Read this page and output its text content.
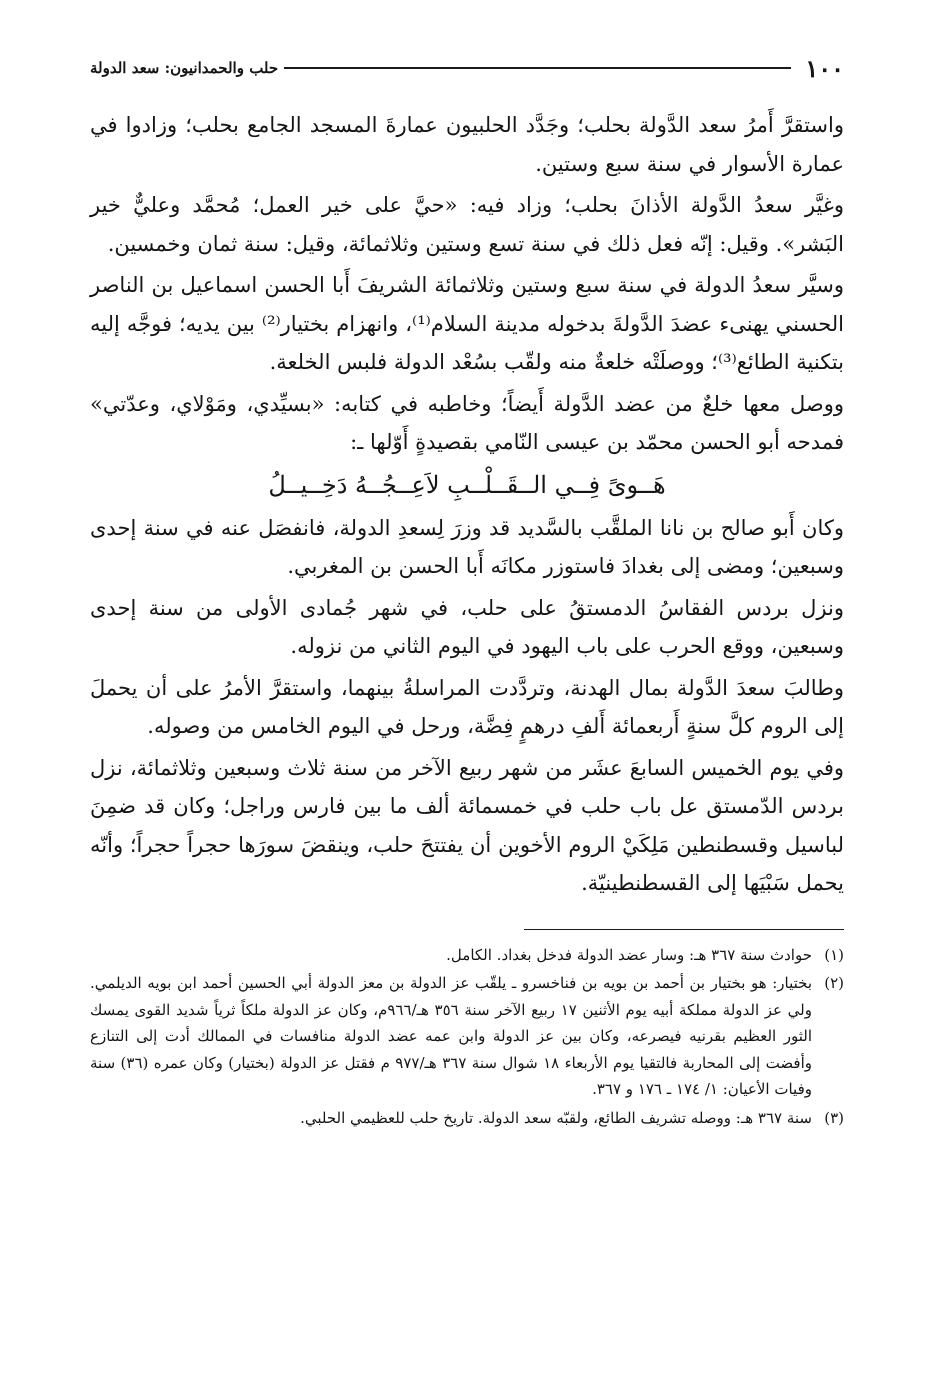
١٠٠
حلب والحمدانيون: سعد الدولة

واستقرَّ أَمرُ سعد الدَّولة بحلب؛ وجَدَّد الحلبيون عمارةَ المسجد الجامع بحلب؛ وزادوا في عمارة الأسوار في سنة سبع وستين.

وغيَّر سعدُ الدَّولة الأذانَ بحلب؛ وزاد فيه: «حيَّ على خير العمل؛ مُحمَّد وعليٌّ خير البَشر». وقيل: إنّه فعل ذلك في سنة تسع وستين وثلاثمائة، وقيل: سنة ثمان وخمسين.

وسيَّر سعدُ الدولة في سنة سبع وستين وثلاثمائة الشريفَ أَبا الحسن اسماعيل بن الناصر الحسني يهنىء عضدَ الدَّولةَ بدخوله مدينة السلام⁽¹⁾، وانهزام بختيار⁽²⁾ بين يديه؛ فوجَّه إليه بتكنية الطائع⁽³⁾؛ ووصلَتْه خلعةٌ منه ولقّب بسُعْد الدولة فلبس الخلعة.

ووصل معها خلعٌ من عضد الدَّولة أَيضاً؛ وخاطبه في كتابه: «بسيِّدي، ومَوْلاي، وعدّتي» فمدحه أبو الحسن محمّد بن عيسى النّامي بقصيدةٍ أَوّلها ـ:

هَــوىً فِــي الــقَــلْــبِ لاَعِــجُــهُ دَخِــيــلُ

وكان أَبو صالح بن نانا الملقَّب بالسَّديد قد وزرَ لِسعدِ الدولة، فانفصَل عنه في سنة إحدى وسبعين؛ ومضى إلى بغدادَ فاستوزر مكانَه أَبا الحسن بن المغربي.

ونزل بردس الفقاسُ الدمستقُ على حلب، في شهر جُمادى الأولى من سنة إحدى وسبعين، ووقع الحرب على باب اليهود في اليوم الثاني من نزوله.

وطالبَ سعدَ الدَّولة بمال الهدنة، وتردَّدت المراسلةُ بينهما، واستقرَّ الأمرُ على أن يحملَ إلى الروم كلَّ سنةٍ أَربعمائة أَلفِ درهمٍ فِضَّة، ورحل في اليوم الخامس من وصوله.

وفي يوم الخميس السابعَ عشَر من شهر ربيع الآخر من سنة ثلاث وسبعين وثلاثمائة، نزل بردس الدّمستق عل باب حلب في خمسمائة ألف ما بين فارس وراجل؛ وكان قد ضمِنَ لباسيل وقسطنطين مَلِكَيْ الروم الأخوين أن يفتتحَ حلب، وينقضَ سورَها حجراً حجراً؛ وأنّه يحمل سَبْيَها إلى القسطنطينيّة.

(١)
حوادث سنة ٣٦٧ هـ: وسار عضد الدولة فدخل بغداد. الكامل.
(٢)
بختيار: هو بختيار بن أحمد بن بويه بن فناخسرو ـ يلقّب عز الدولة بن معز الدولة أبي الحسين أحمد ابن بويه الديلمي. ولي عز الدولة مملكة أبيه يوم الأثنين ١٧ ربيع الآخر سنة ٣٥٦ هـ/٩٦٦م، وكان عز الدولة ملكاً ثرياً شديد القوى يمسك الثور العظيم بقرنيه فيصرعه، وكان بين عز الدولة وابن عمه عضد الدولة منافسات في الممالك أدت إلى التنازع وأفضت إلى المحاربة فالتقيا يوم الأربعاء ١٨ شوال سنة ٣٦٧ هـ/٩٧٧ م فقتل عز الدولة (بختيار) وكان عمره (٣٦) سنة وفيات الأعيان: ١/ ١٧٤ ـ ١٧٦ و ٣٦٧.
(٣)
سنة ٣٦٧ هـ: ووصله تشريف الطائع، ولقبّه سعد الدولة. تاريخ حلب للعظيمي الحلبي.
